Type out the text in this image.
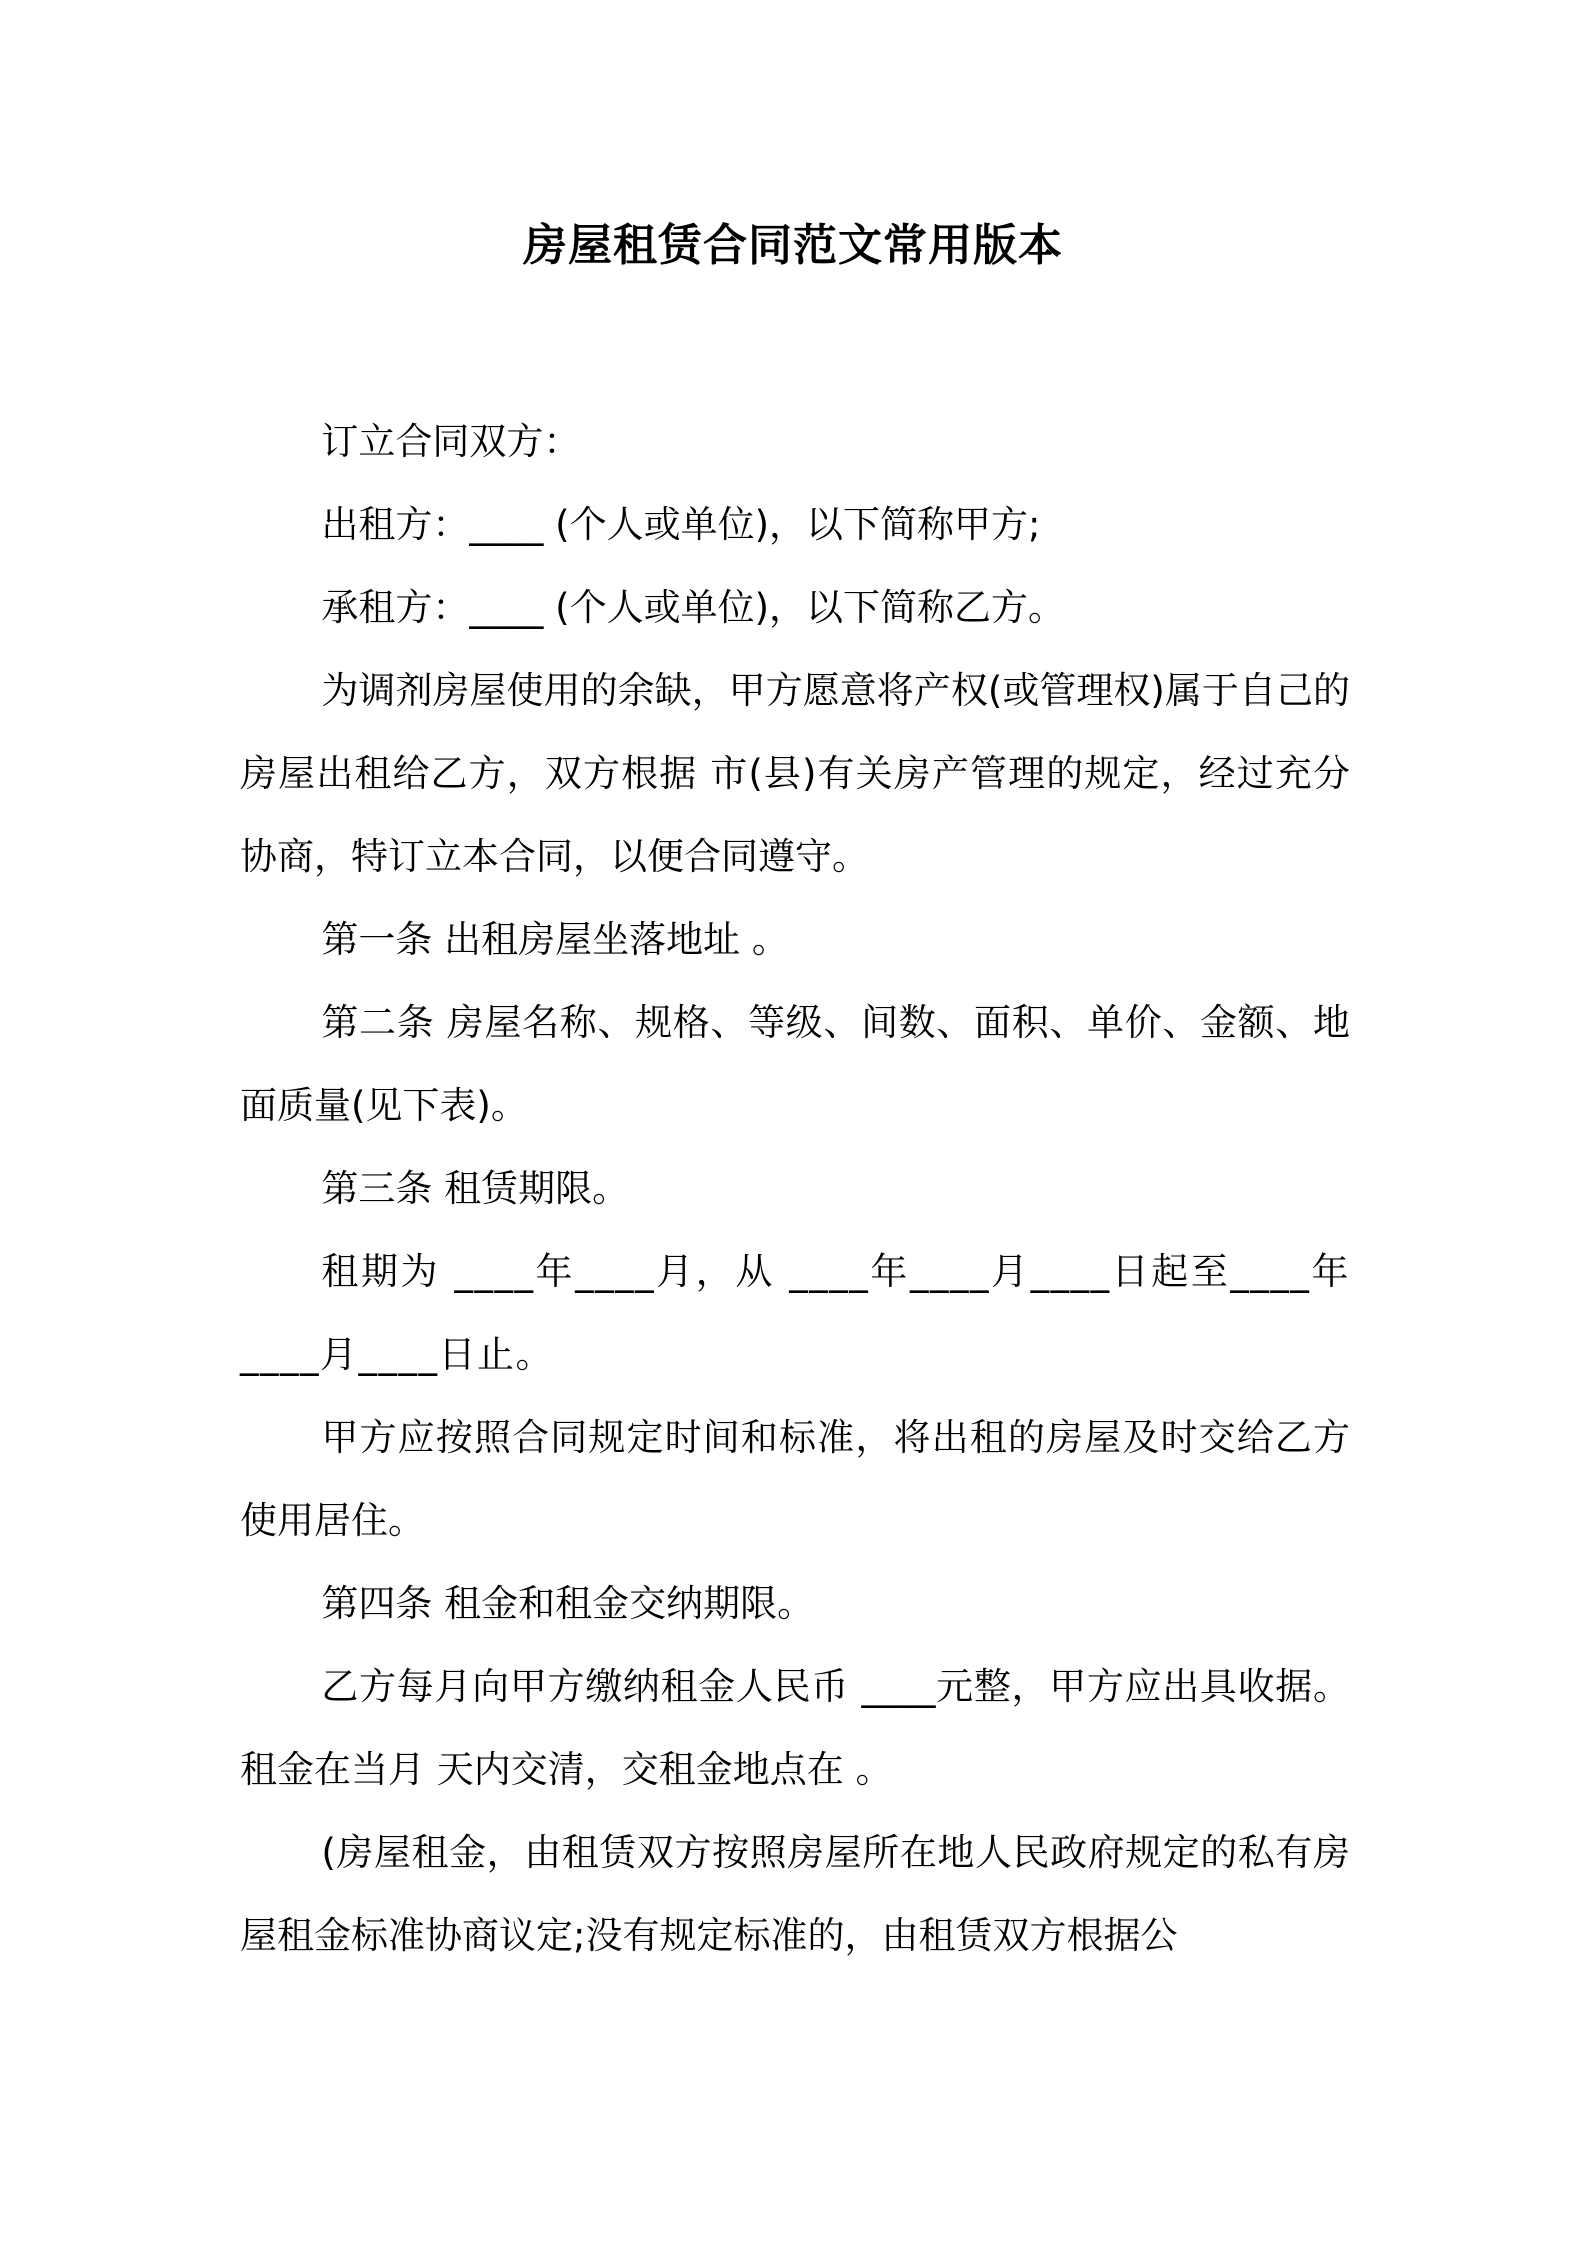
房屋租赁合同范文常用版本

订立合同双方：

出租方：____ (个人或单位)，以下简称甲方;

承租方：____ (个人或单位)，以下简称乙方。

为调剂房屋使用的余缺，甲方愿意将产权(或管理权)属于自己的房屋出租给乙方，双方根据 市(县)有关房产管理的规定，经过充分协商，特订立本合同，以便合同遵守。

第一条 出租房屋坐落地址 。

第二条 房屋名称、规格、等级、间数、面积、单价、金额、地面质量(见下表)。

第三条 租赁期限。

租期为 ____年____月，从 ____年____月____日起至____年____月____日止。

甲方应按照合同规定时间和标准，将出租的房屋及时交给乙方使用居住。

第四条 租金和租金交纳期限。

乙方每月向甲方缴纳租金人民币 ____元整，甲方应出具收据。租金在当月 天内交清，交租金地点在 。

(房屋租金，由租赁双方按照房屋所在地人民政府规定的私有房屋租金标准协商议定;没有规定标准的，由租赁双方根据公
